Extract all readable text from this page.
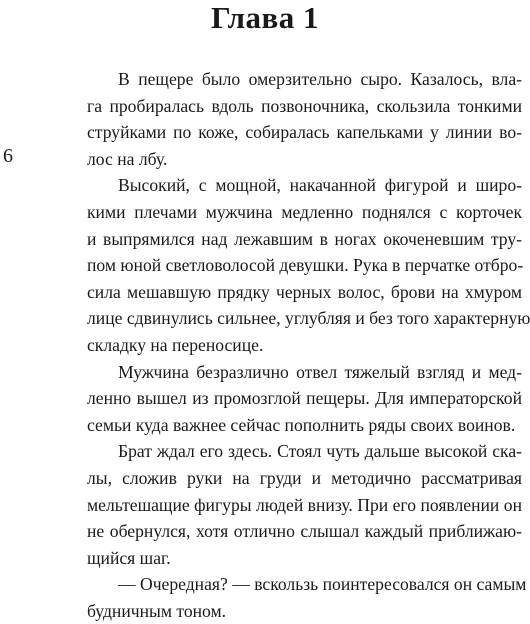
Глава 1
6

В пещере было омерзительно сыро. Казалось, вла-
га пробиралась вдоль позвоночника, скользила тонкими
струйками по коже, собиралась капельками у линии во-
лос на лбу.

Высокий, с мощной, накачанной фигурой и широ-
кими плечами мужчина медленно поднялся с корточек
и выпрямился над лежавшим в ногах окоченевшим тру-
пом юной светловолосой девушки. Рука в перчатке отбро-
сила мешавшую прядку черных волос, брови на хмуром
лице сдвинулись сильнее, углубляя и без того характерную
складку на переносице.

Мужчина безразлично отвел тяжелый взгляд и мед-
ленно вышел из промозглой пещеры. Для императорской
семьи куда важнее сейчас пополнить ряды своих воинов.

Брат ждал его здесь. Стоял чуть дальше высокой ска-
лы, сложив руки на груди и методично рассматривая
мельтешащие фигуры людей внизу. При его появлении он
не обернулся, хотя отлично слышал каждый приближаю-
щийся шаг.

— Очередная? — вскользь поинтересовался он самым
будничным тоном.
